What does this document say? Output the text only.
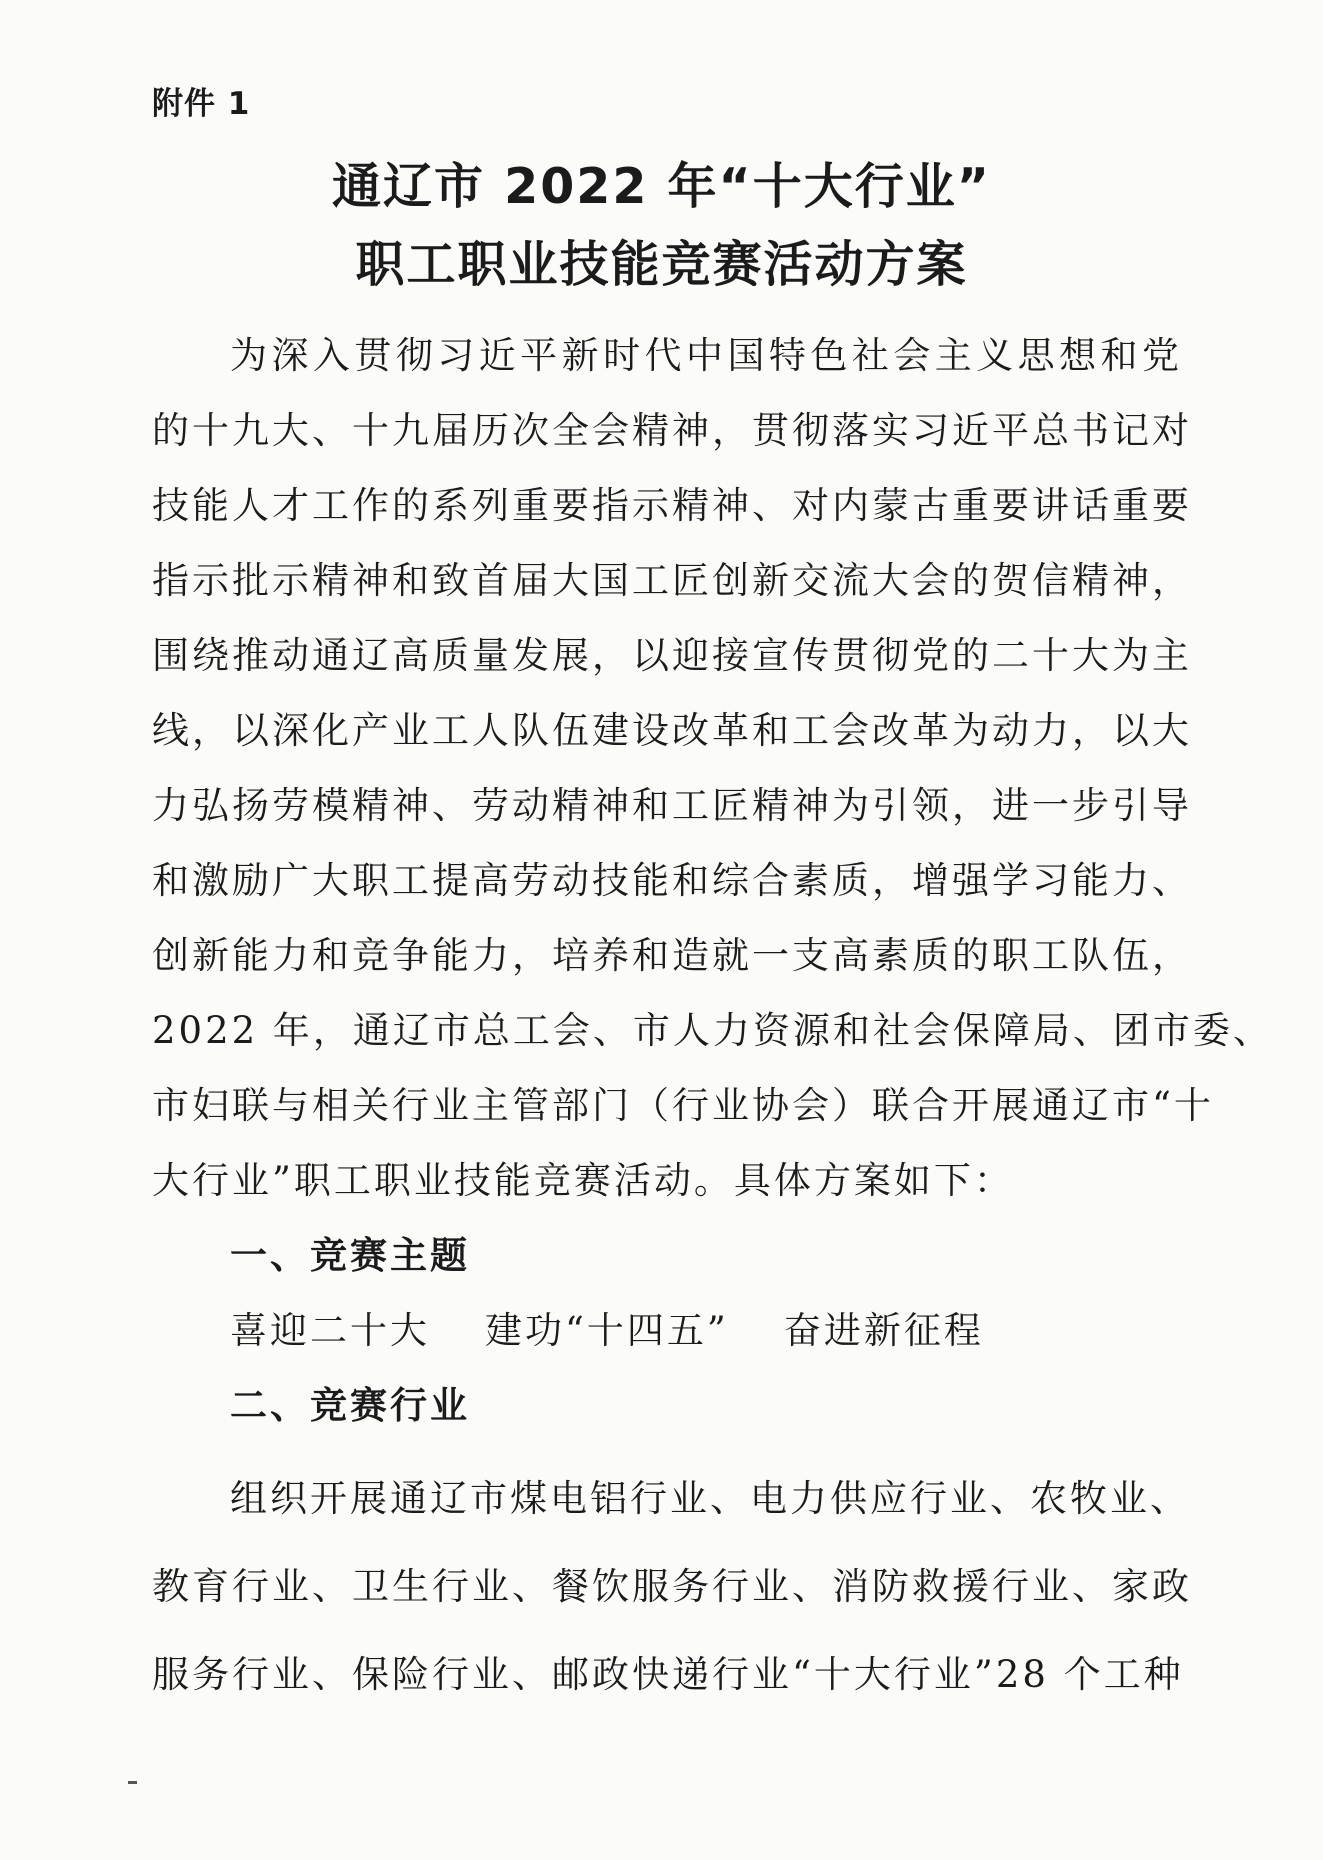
附件 1
通辽市 2022 年“十大行业”
职工职业技能竞赛活动方案
为深入贯彻习近平新时代中国特色社会主义思想和党
的十九大、十九届历次全会精神，贯彻落实习近平总书记对
技能人才工作的系列重要指示精神、对内蒙古重要讲话重要
指示批示精神和致首届大国工匠创新交流大会的贺信精神，
围绕推动通辽高质量发展，以迎接宣传贯彻党的二十大为主
线，以深化产业工人队伍建设改革和工会改革为动力，以大
力弘扬劳模精神、劳动精神和工匠精神为引领，进一步引导
和激励广大职工提高劳动技能和综合素质，增强学习能力、
创新能力和竞争能力，培养和造就一支高素质的职工队伍，
2022 年，通辽市总工会、市人力资源和社会保障局、团市委、
市妇联与相关行业主管部门（行业协会）联合开展通辽市“十
大行业”职工职业技能竞赛活动。具体方案如下：
一、竞赛主题
喜迎二十大 建功“十四五” 奋进新征程
二、竞赛行业
组织开展通辽市煤电铝行业、电力供应行业、农牧业、
教育行业、卫生行业、餐饮服务行业、消防救援行业、家政
服务行业、保险行业、邮政快递行业“十大行业”28 个工种
